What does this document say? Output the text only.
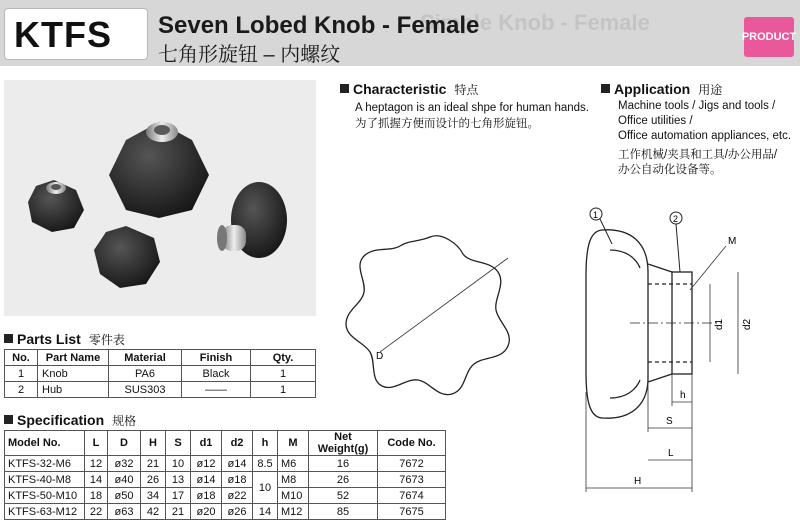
KTFS	Simple Knob - Female
Seven Lobed Knob - Female
七角形旋钮 – 内螺纹
PRODUCT
Characteristic 特点
A heptagon is an ideal shpe for human hands.
为了抓握方便而设计的七角形旋钮。
Application 用途
Machine tools / Jigs and tools /
Office utilities /
Office automation appliances, etc.
工作机械/夹具和工具/办公用品/
办公自动化设备等。
Parts List 零件表
No.	Part Name	Material	Finish	Qty.
1	Knob	PA6	Black	1
2	Hub	SUS303	——	1
Specification 规格
Model No.	L	D	H	S	d1	d2	h	M	Net Weight(g)	Code No.
KTFS-32-M6	12	ø32	21	10	ø12	ø14	8.5	M6	16	7672
KTFS-40-M8	14	ø40	26	13	ø14	ø18	10	M8	26	7673
KTFS-50-M10	18	ø50	34	17	ø18	ø22		M10	52	7674
KTFS-63-M12	22	ø63	42	21	ø20	ø26	14	M12	85	7675
D
1	2
M
d1 d2
h
S
L
H
